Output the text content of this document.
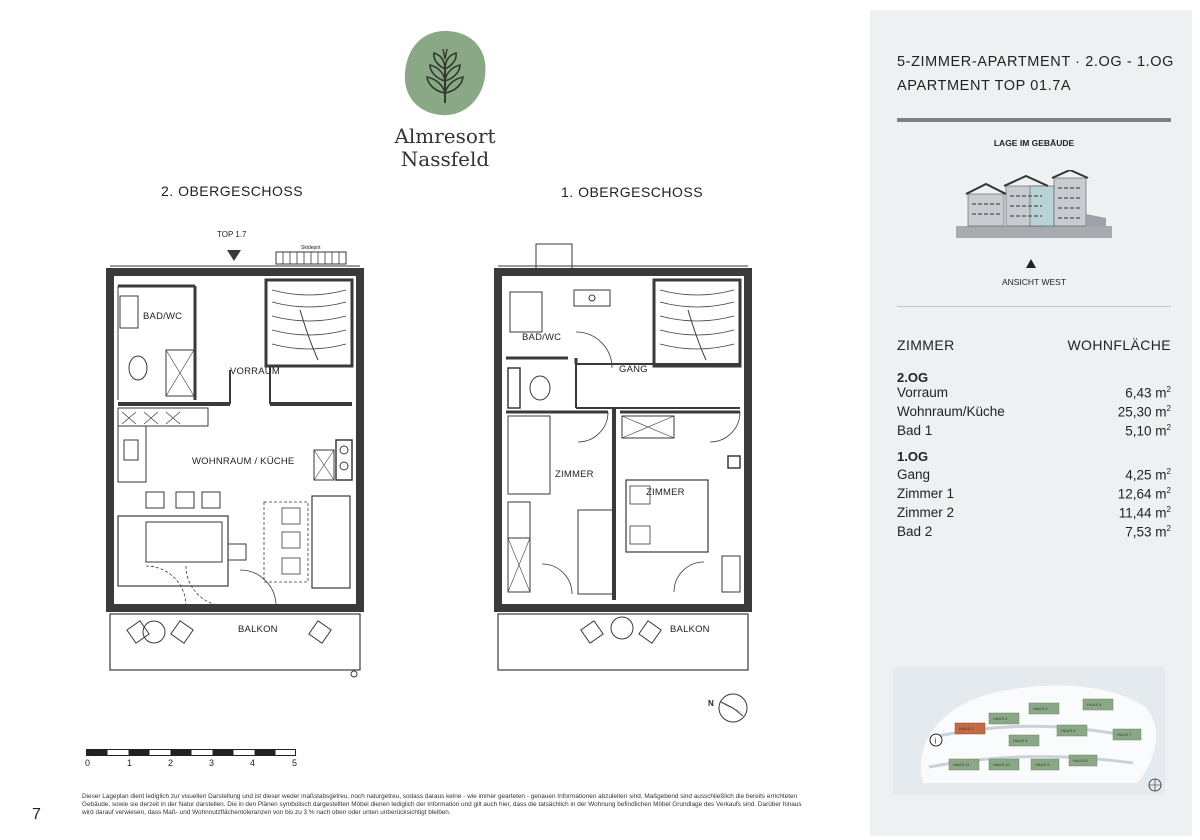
Almresort
Nassfeld
2. OBERGESCHOSS	1. OBERGESCHOSS
TOP 1.7
Skidepot
BAD/WC
VORRAUM
WOHNRAUM / KÜCHE
BALKON
BAD/WC
GANG
ZIMMER
ZIMMER
BALKON
N
0	1	2	3	4	5
Dieser Lageplan dient lediglich zur visuellen Darstellung und ist dieser weder maßstabsgetreu, noch naturgetreu, sodass daraus keine - wie immer gearteten - genauen Informationen abzuleiten sind. Maßgebend sind ausschließlich die bereits errichteten Gebäude, sowie sie derzeit in der Natur darstellen. Die in den Plänen symbolisch dargestellten Möbel dienen lediglich der Information und gilt auch hier, dass die tatsächlich in der Wohnung befindlichen Möbel Grundlage des Verkaufs sind. Darüber hinaus wird darauf verwiesen, dass Maß- und Wohnnutzflächentoleranzen von bis zu 3 % nach oben oder unten unberücksichtigt bleiben.
7
5-ZIMMER-APARTMENT · 2.OG - 1.OG
APARTMENT TOP 01.7A
LAGE IM GEBÄUDE
ANSICHT WEST
ZIMMER	WOHNFLÄCHE
2.OG
Vorraum	6,43 $m^2$
Wohnraum/Küche	25,30 $m^2$
Bad 1	5,10 $m^2$
1.OG
Gang	4,25 $m^2$
Zimmer 1	12,64 $m^2$
Zimmer 2	11,44 $m^2$
Bad 2	7,53 $m^2$
HAUS 1
HAUS 2
HAUS 3
HAUS 4
HAUS 5
HAUS 6
HAUS 7
HAUS 8
HAUS 9
HAUS 10
HAUS 11
i
